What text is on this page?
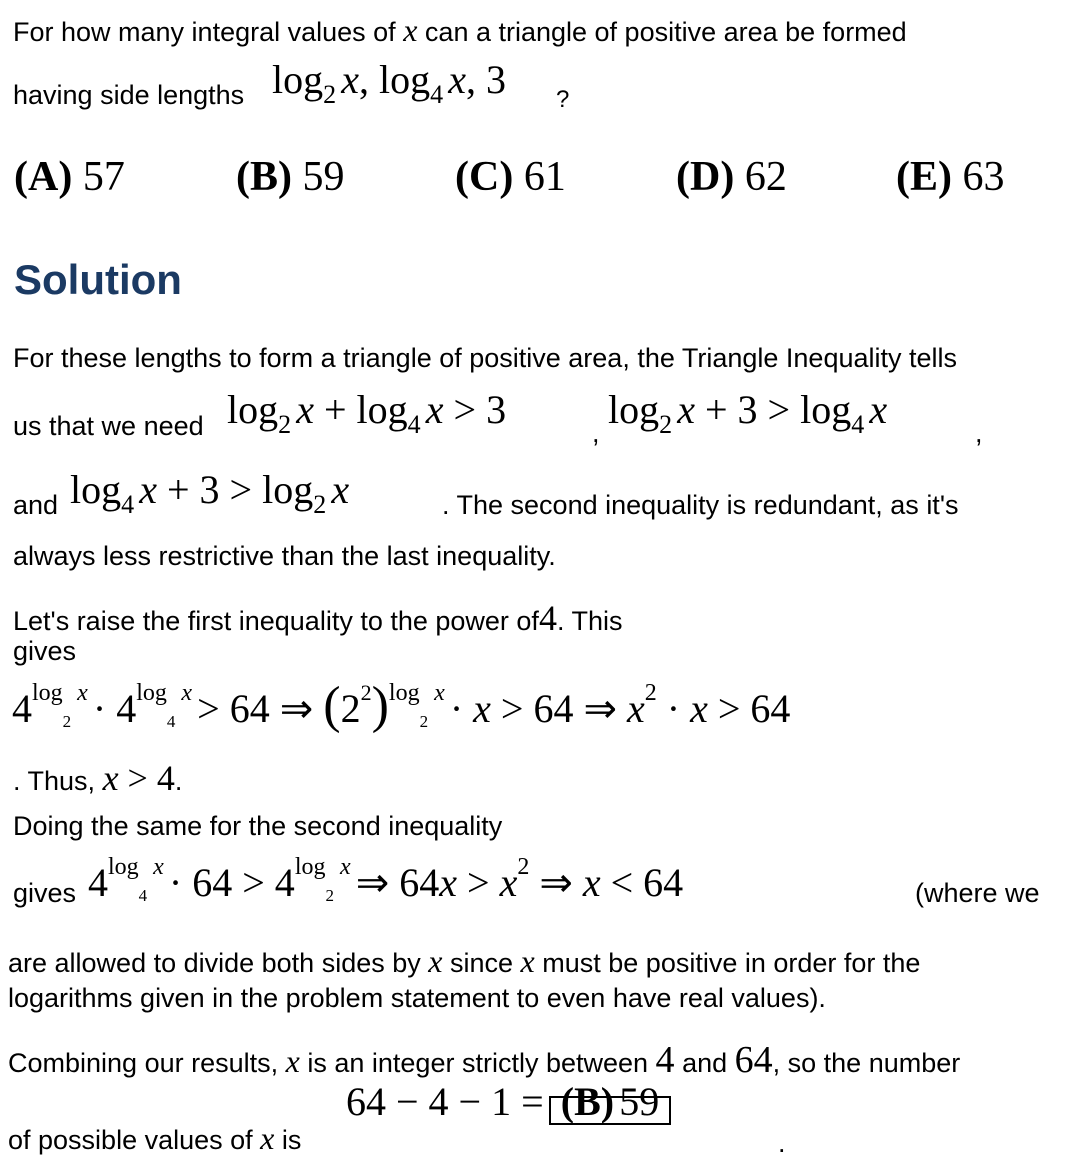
For how many integral values of x can a triangle of positive area be formed
having side lengths log2 x, log4 x, 3 ?
(A) 57	(B) 59	(C) 61	(D) 62	(E) 63
Solution
For these lengths to form a triangle of positive area, the Triangle Inequality tells
us that we need log2 x + log4 x > 3
,
log2 x + 3 > log4 x
,
and log4 x + 3 > log2 x	. The second inequality is redundant, as it's
always less restrictive than the last inequality.
Let's raise the first inequality to the power of4. This
gives
4log2 x · 4log4 x > 64 ⇒ (22)log2 x · x > 64 ⇒ x2 · x > 64
. Thus, x > 4.
Doing the same for the second inequality
gives 4log4 x · 64 > 4log2 x ⇒ 64x > x2 ⇒ x < 64	(where we
are allowed to divide both sides by x since x must be positive in order for the
logarithms given in the problem statement to even have real values).
Combining our results, x is an integer strictly between 4 and 64, so the number
of possible values of x is
64 − 4 − 1 = (B) 59
.
